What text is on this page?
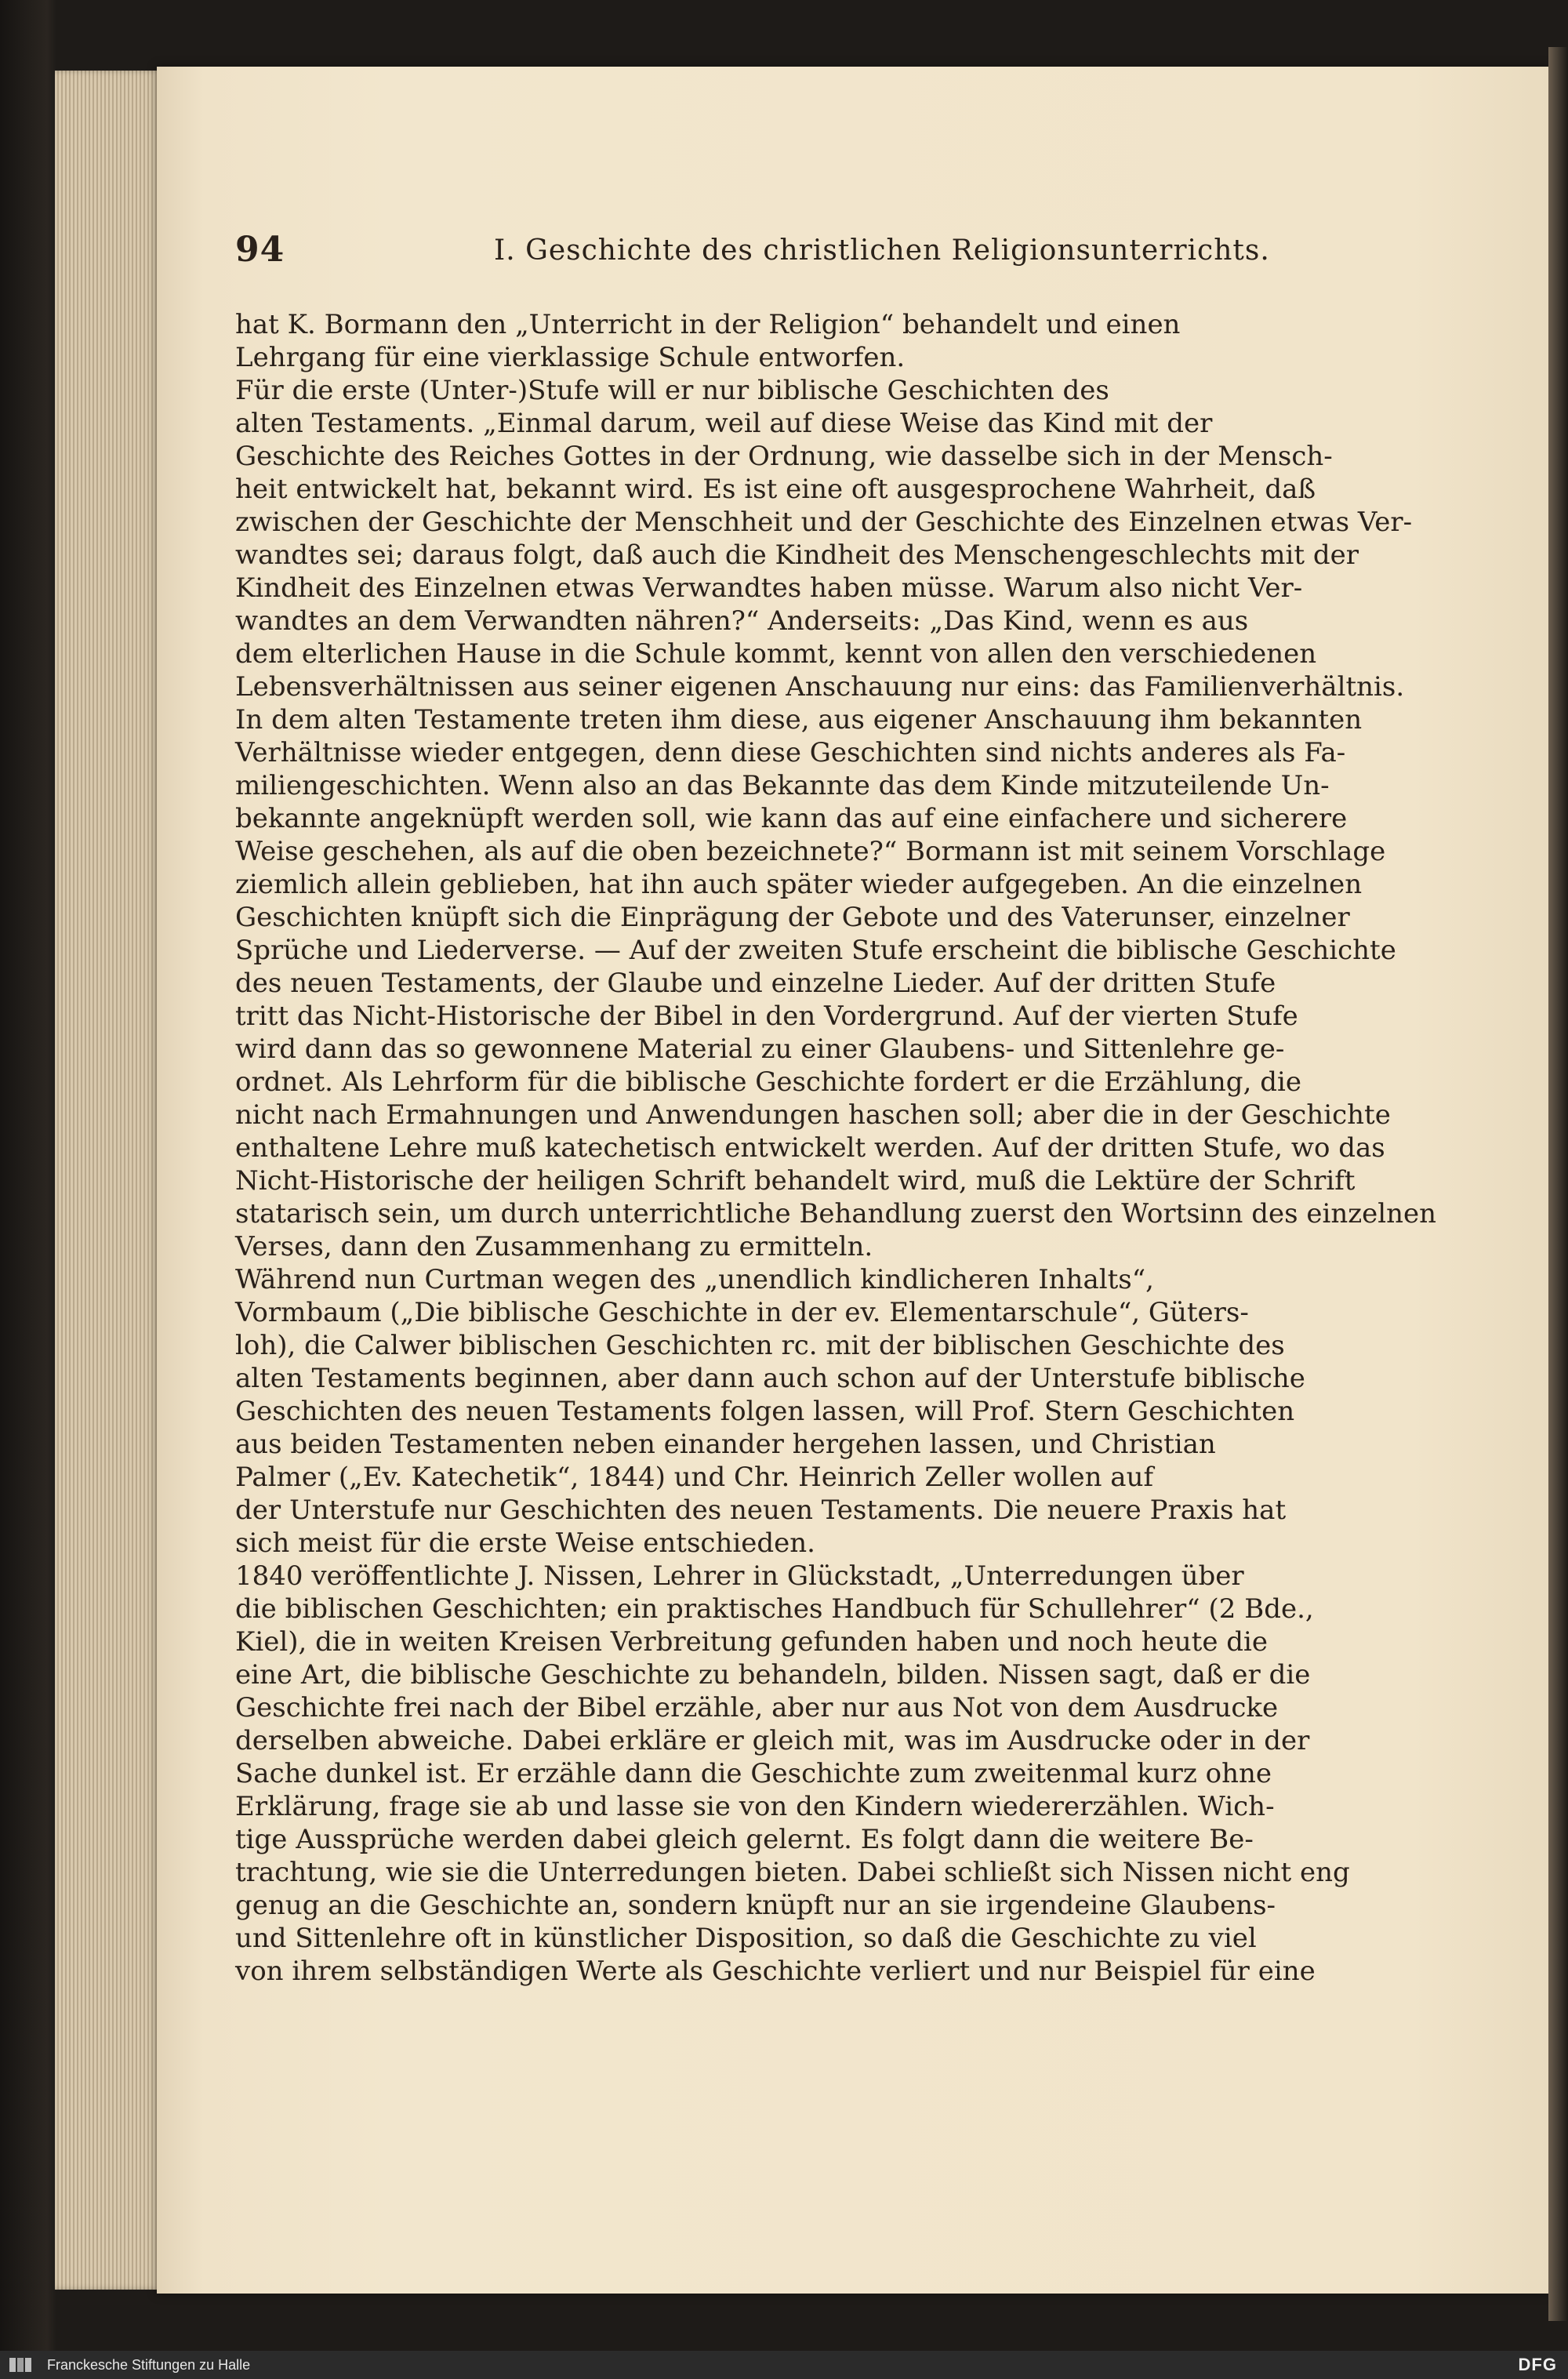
94	I. Geschichte des christlichen Religionsunterrichts.
hat K. Bormann den „Unterricht in der Religion“ behandelt und einen
Lehrgang für eine vierklassige Schule entworfen.
Für die erste (Unter-)Stufe will er nur biblische Geschichten des
alten Testaments. „Einmal darum, weil auf diese Weise das Kind mit der
Geschichte des Reiches Gottes in der Ordnung, wie dasselbe sich in der Mensch-
heit entwickelt hat, bekannt wird. Es ist eine oft ausgesprochene Wahrheit, daß
zwischen der Geschichte der Menschheit und der Geschichte des Einzelnen etwas Ver-
wandtes sei; daraus folgt, daß auch die Kindheit des Menschengeschlechts mit der
Kindheit des Einzelnen etwas Verwandtes haben müsse. Warum also nicht Ver-
wandtes an dem Verwandten nähren?“ Anderseits: „Das Kind, wenn es aus
dem elterlichen Hause in die Schule kommt, kennt von allen den verschiedenen
Lebensverhältnissen aus seiner eigenen Anschauung nur eins: das Familienverhältnis.
In dem alten Testamente treten ihm diese, aus eigener Anschauung ihm bekannten
Verhältnisse wieder entgegen, denn diese Geschichten sind nichts anderes als Fa-
miliengeschichten. Wenn also an das Bekannte das dem Kinde mitzuteilende Un-
bekannte angeknüpft werden soll, wie kann das auf eine einfachere und sicherere
Weise geschehen, als auf die oben bezeichnete?“ Bormann ist mit seinem Vorschlage
ziemlich allein geblieben, hat ihn auch später wieder aufgegeben. An die einzelnen
Geschichten knüpft sich die Einprägung der Gebote und des Vaterunser, einzelner
Sprüche und Liederverse. — Auf der zweiten Stufe erscheint die biblische Geschichte
des neuen Testaments, der Glaube und einzelne Lieder. Auf der dritten Stufe
tritt das Nicht-Historische der Bibel in den Vordergrund. Auf der vierten Stufe
wird dann das so gewonnene Material zu einer Glaubens- und Sittenlehre ge-
ordnet. Als Lehrform für die biblische Geschichte fordert er die Erzählung, die
nicht nach Ermahnungen und Anwendungen haschen soll; aber die in der Geschichte
enthaltene Lehre muß katechetisch entwickelt werden. Auf der dritten Stufe, wo das
Nicht-Historische der heiligen Schrift behandelt wird, muß die Lektüre der Schrift
statarisch sein, um durch unterrichtliche Behandlung zuerst den Wortsinn des einzelnen
Verses, dann den Zusammenhang zu ermitteln.
Während nun Curtman wegen des „unendlich kindlicheren Inhalts“,
Vormbaum („Die biblische Geschichte in der ev. Elementarschule“, Güters-
loh), die Calwer biblischen Geschichten rc. mit der biblischen Geschichte des
alten Testaments beginnen, aber dann auch schon auf der Unterstufe biblische
Geschichten des neuen Testaments folgen lassen, will Prof. Stern Geschichten
aus beiden Testamenten neben einander hergehen lassen, und Christian
Palmer („Ev. Katechetik“, 1844) und Chr. Heinrich Zeller wollen auf
der Unterstufe nur Geschichten des neuen Testaments. Die neuere Praxis hat
sich meist für die erste Weise entschieden.
1840 veröffentlichte J. Nissen, Lehrer in Glückstadt, „Unterredungen über
die biblischen Geschichten; ein praktisches Handbuch für Schullehrer“ (2 Bde.,
Kiel), die in weiten Kreisen Verbreitung gefunden haben und noch heute die
eine Art, die biblische Geschichte zu behandeln, bilden. Nissen sagt, daß er die
Geschichte frei nach der Bibel erzähle, aber nur aus Not von dem Ausdrucke
derselben abweiche. Dabei erkläre er gleich mit, was im Ausdrucke oder in der
Sache dunkel ist. Er erzähle dann die Geschichte zum zweitenmal kurz ohne
Erklärung, frage sie ab und lasse sie von den Kindern wiedererzählen. Wich-
tige Aussprüche werden dabei gleich gelernt. Es folgt dann die weitere Be-
trachtung, wie sie die Unterredungen bieten. Dabei schließt sich Nissen nicht eng
genug an die Geschichte an, sondern knüpft nur an sie irgendeine Glaubens-
und Sittenlehre oft in künstlicher Disposition, so daß die Geschichte zu viel
von ihrem selbständigen Werte als Geschichte verliert und nur Beispiel für eine
Franckesche Stiftungen zu Halle	DFG
